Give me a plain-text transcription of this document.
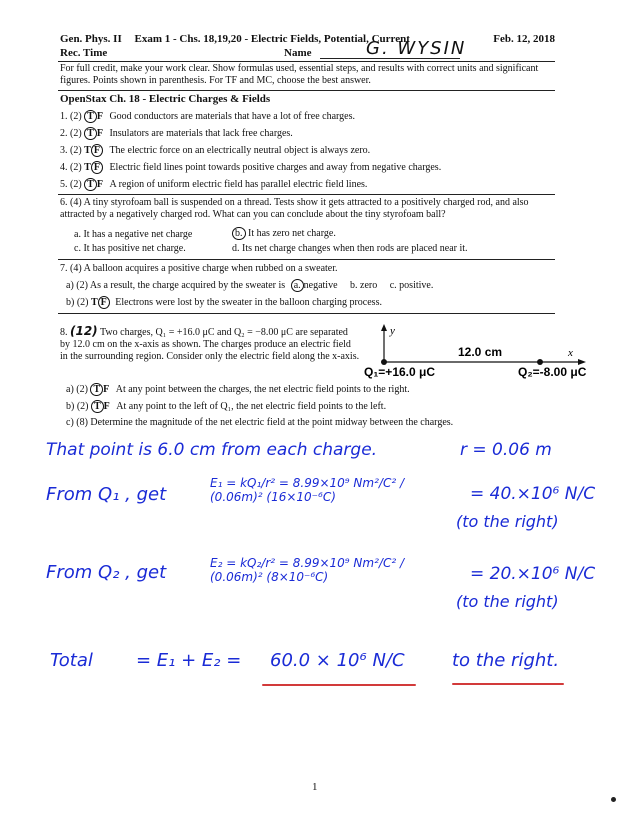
Gen. Phys. II Exam 1 - Chs. 18,19,20 - Electric Fields, Potential, Current	Feb. 12, 2018
Rec. Time	Name	G. WYSIN
For full credit, make your work clear. Show formulas used, essential steps, and results with correct units and significant figures. Points shown in parenthesis. For TF and MC, choose the best answer.
OpenStax Ch. 18 - Electric Charges & Fields
1. (2) T F Good conductors are materials that have a lot of free charges.
2. (2) T F Insulators are materials that lack free charges.
3. (2) T F The electric force on an electrically neutral object is always zero.
4. (2) T F Electric field lines point towards positive charges and away from negative charges.
5. (2) T F A region of uniform electric field has parallel electric field lines.
6. (4) A tiny styrofoam ball is suspended on a thread. Tests show it gets attracted to a positively charged rod, and also attracted by a negatively charged rod. What can you can conclude about the tiny styrofoam ball?
a. It has a negative net charge	b. It has zero net charge.
c. It has positive net charge.	d. Its net charge changes when then rods are placed near it.
7. (4) A balloon acquires a positive charge when rubbed on a sweater.
a) (2) As a result, the charge acquired by the sweater is a. negative b. zero c. positive.
b) (2) T F Electrons were lost by the sweater in the balloon charging process.
8. (12) Two charges, Q₁ = +16.0 μC and Q₂ = −8.00 μC are separated by 12.0 cm on the x-axis as shown. The charges produce an electric field in the surrounding region. Consider only the electric field along the x-axis.
y
x
12.0 cm
Q₁=+16.0 μC	Q₂=-8.00 μC
a) (2) T F At any point between the charges, the net electric field points to the right.
b) (2) T F At any point to the left of Q₁, the net electric field points to the left.
c) (8) Determine the magnitude of the net electric field at the point midway between the charges.
That point is 6.0 cm from each charge.	r = 0.06 m
From Q₁ , get
E₁ = kQ₁/r² = 8.99×10⁹ Nm²/C² / (0.06m)² (16×10⁻⁶C)	= 40.×10⁶ N/C
(to the right)
From Q₂ , get	E₂ = kQ₂/r² = 8.99×10⁹ Nm²/C² / (0.06m)² (8×10⁻⁶C)	= 20.×10⁶ N/C
(to the right)
Total = E₁ + E₂ = 60.0 × 10⁶ N/C	to the right.
1
